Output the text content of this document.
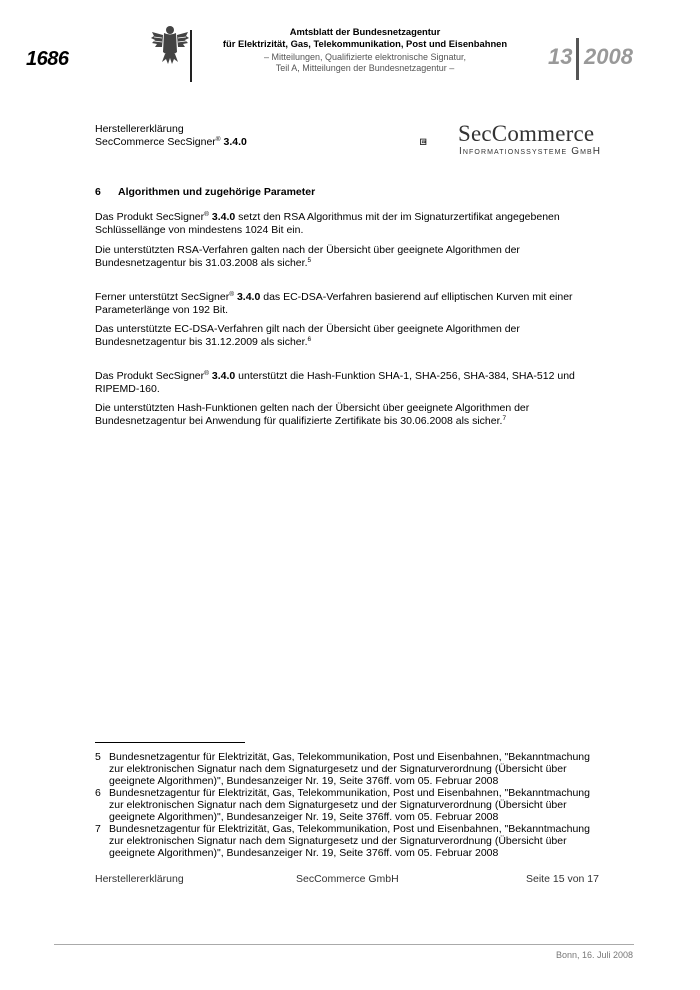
1686
Amtsblatt der Bundesnetzagentur
für Elektrizität, Gas, Telekommunikation, Post und Eisenbahnen
– Mitteilungen, Qualifizierte elektronische Signatur,
Teil A, Mitteilungen der Bundesnetzagentur –	13 2008
Herstellererklärung
SecCommerce SecSigner® 3.4.0	SecCommerce
Informationssysteme GmbH
6 Algorithmen und zugehörige Parameter
Das Produkt SecSigner® 3.4.0 setzt den RSA Algorithmus mit der im Signaturzertifikat angegebenen Schlüssellänge von mindestens 1024 Bit ein.
Die unterstützten RSA-Verfahren galten nach der Übersicht über geeignete Algorithmen der Bundesnetzagentur bis 31.03.2008 als sicher.$^5$
Ferner unterstützt SecSigner® 3.4.0 das EC-DSA-Verfahren basierend auf elliptischen Kurven mit einer Parameterlänge von 192 Bit.
Das unterstützte EC-DSA-Verfahren gilt nach der Übersicht über geeignete Algorithmen der Bundesnetzagentur bis 31.12.2009 als sicher.$^6$
Das Produkt SecSigner® 3.4.0 unterstützt die Hash-Funktion SHA-1, SHA-256, SHA-384, SHA-512 und RIPEMD-160.
Die unterstützten Hash-Funktionen gelten nach der Übersicht über geeignete Algorithmen der Bundesnetzagentur bei Anwendung für qualifizierte Zertifikate bis 30.06.2008 als sicher.$^7$
5 Bundesnetzagentur für Elektrizität, Gas, Telekommunikation, Post und Eisenbahnen, "Bekanntmachung zur elektronischen Signatur nach dem Signaturgesetz und der Signaturverordnung (Übersicht über geeignete Algorithmen)", Bundesanzeiger Nr. 19, Seite 376ff. vom 05. Februar 2008
6 Bundesnetzagentur für Elektrizität, Gas, Telekommunikation, Post und Eisenbahnen, "Bekanntmachung zur elektronischen Signatur nach dem Signaturgesetz und der Signaturverordnung (Übersicht über geeignete Algorithmen)", Bundesanzeiger Nr. 19, Seite 376ff. vom 05. Februar 2008
7 Bundesnetzagentur für Elektrizität, Gas, Telekommunikation, Post und Eisenbahnen, "Bekanntmachung zur elektronischen Signatur nach dem Signaturgesetz und der Signaturverordnung (Übersicht über geeignete Algorithmen)", Bundesanzeiger Nr. 19, Seite 376ff. vom 05. Februar 2008
Herstellererklärung	SecCommerce GmbH	Seite 15 von 17
Bonn, 16. Juli 2008
